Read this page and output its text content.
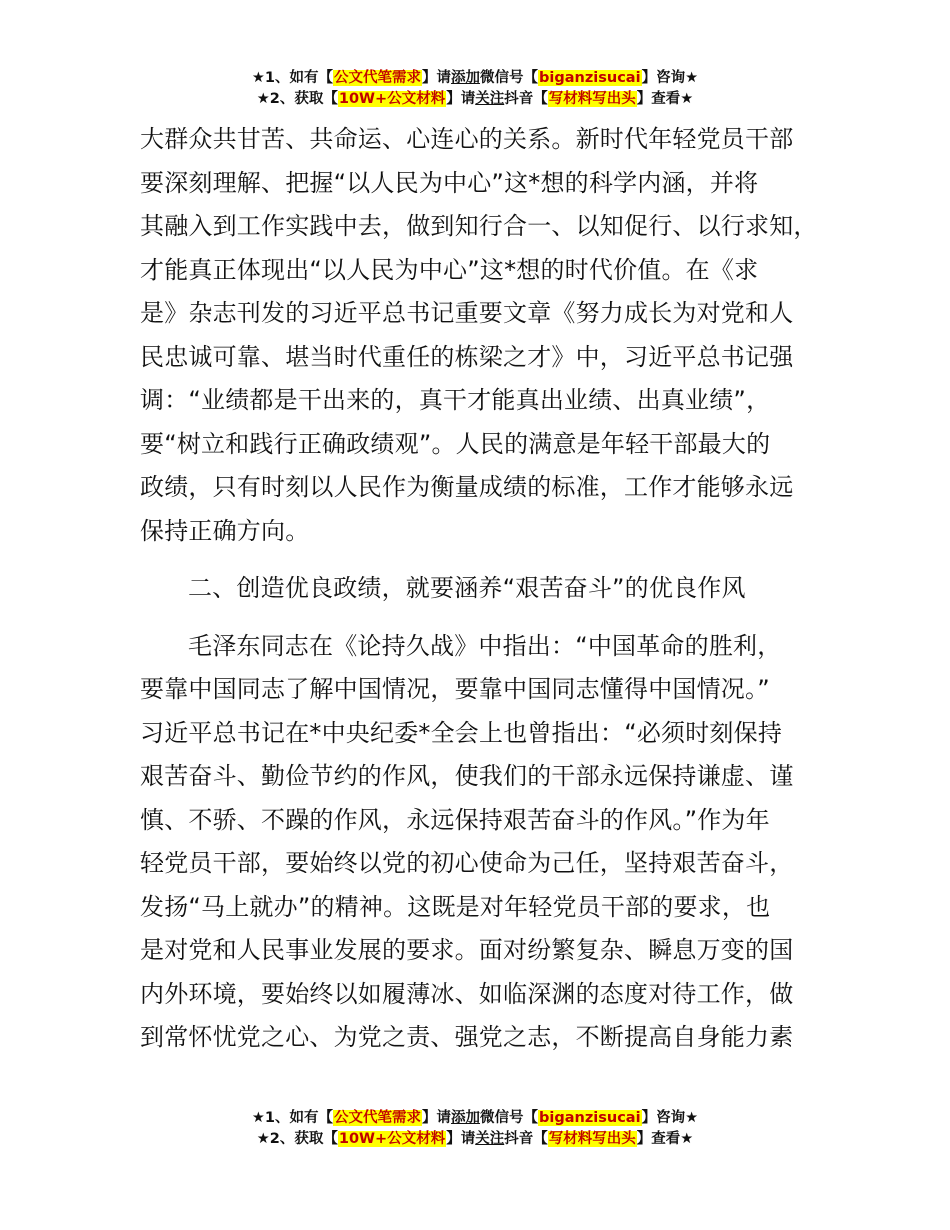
★1、如有【公文代笔需求】请添加微信号【biganzisucai】咨询★
★2、获取【10W+公文材料】请关注抖音【写材料写出头】查看★
大群众共甘苦、共命运、心连心的关系。新时代年轻党员干部
要深刻理解、把握“以人民为中心”这*想的科学内涵，并将
其融入到工作实践中去，做到知行合一、以知促行、以行求知，
才能真正体现出“以人民为中心”这*想的时代价值。在《求
是》杂志刊发的习近平总书记重要文章《努力成长为对党和人
民忠诚可靠、堪当时代重任的栋梁之才》中，习近平总书记强
调：“业绩都是干出来的，真干才能真出业绩、出真业绩”，
要“树立和践行正确政绩观”。人民的满意是年轻干部最大的
政绩，只有时刻以人民作为衡量成绩的标准，工作才能够永远
保持正确方向。
二、创造优良政绩，就要涵养“艰苦奋斗”的优良作风
毛泽东同志在《论持久战》中指出：“中国革命的胜利，
要靠中国同志了解中国情况，要靠中国同志懂得中国情况。”
习近平总书记在*中央纪委*全会上也曾指出：“必须时刻保持
艰苦奋斗、勤俭节约的作风，使我们的干部永远保持谦虚、谨
慎、不骄、不躁的作风，永远保持艰苦奋斗的作风。”作为年
轻党员干部，要始终以党的初心使命为己任，坚持艰苦奋斗，
发扬“马上就办”的精神。这既是对年轻党员干部的要求，也
是对党和人民事业发展的要求。面对纷繁复杂、瞬息万变的国
内外环境，要始终以如履薄冰、如临深渊的态度对待工作，做
到常怀忧党之心、为党之责、强党之志，不断提高自身能力素
★1、如有【公文代笔需求】请添加微信号【biganzisucai】咨询★
★2、获取【10W+公文材料】请关注抖音【写材料写出头】查看★
